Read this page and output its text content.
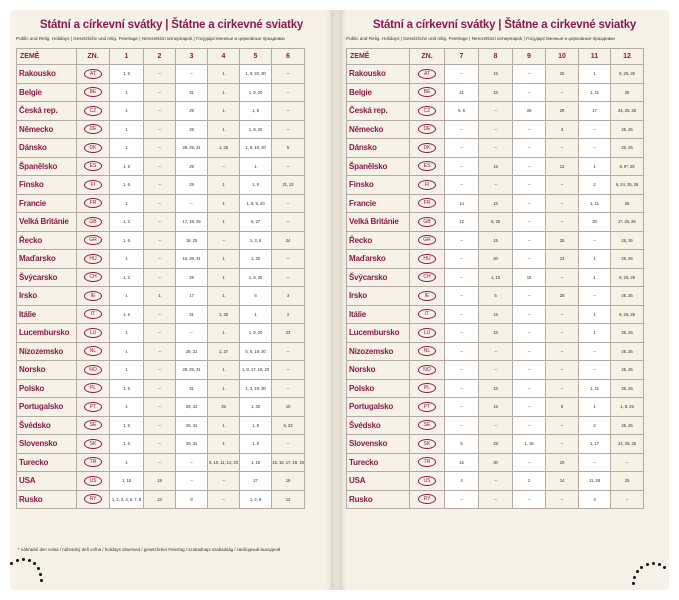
Státní a církevní svátky | Štátne a cirkevné sviatky
Public and Relig. Holidays | Gesetzliche und relig. Feiertage | Nemzetközi ünnepnapok | Государственные и церковные праздники
ZEMĚ	ZN.	1	2	3	4	5	6
Rakousko	AT	1, 6	–	–	1	1, 9, 20, 30	–
Belgie	BE	1	–	31	1	1, 9, 20	–
Česká rep.	CZ	1	–	29	1	1, 8	–
Německo	DE	1	–	29	1	1, 9, 20	–
Dánsko	DK	1	–	28, 29, 31	1, 26	1, 9, 19, 20	5
Španělsko	ES	1, 6	–	29	–	1	–
Finsko	FI	1, 6	–	29	1	1, 9	21, 22
Francie	FR	1	–	–	1	1, 8, 9, 20	–
Velká Británie	GB	1, 2	–	17, 18, 29	1	6, 27	–
Řecko	GR	1, 6	–	18, 25	–	1, 3, 6	24
Maďarsko	HU	1	–	15, 29, 31	1	1, 20	–
Švýcarsko	CH	1, 2	–	29	1	1, 9, 20	–
Irsko	IE	1	1	17	1	6	3
Itálie	IT	1, 6	–	31	1, 25	1	2
Lucembursko	LU	1	–	–	1	1, 9, 20	23
Nizozemsko	NL	1	–	29, 31	1, 27	5, 9, 19, 20	–
Norsko	NO	1	–	28, 29, 31	1	1, 9, 17, 19, 20	–
Polsko	PL	1, 6	–	31	1	1, 3, 19, 30	–
Portugalsko	PT	1	–	29, 31	25	1, 30	10
Švédsko	SE	1, 6	–	29, 31	1	1, 9	6, 22
Slovensko	SK	1, 6	–	29, 31	1	1, 8	–
Turecko	TR	1	–	–	9, 10, 11, 12, 23	1, 19	15, 16, 17, 18, 19
USA	US	1, 15	19	–	–	27	19
Rusko	RY	1, 2, 3, 4, 5, 7, 8	23	8	–	1, 2, 9	12
* náhradní den volna / náhradný deň voľna / holidays observed / gesetzlicher Feiertag / szabadnapi szabadság / свободный выходной
Státní a církevní svátky | Štátne a cirkevné sviatky
Public and Relig. Holidays | Gesetzliche und relig. Feiertage | Nemzetközi ünnepnapok | Государственные и церковные праздники
ZEMĚ	ZN.	7	8	9	10	11	12
Rakousko	AT	–	15	–	26	1	8, 25, 26
Belgie	BE	21	15	–	–	1, 11	25
Česká rep.	CZ	5, 6	–	28	28	17	24, 25, 26
Německo	DE	–	–	–	3	–	25, 26
Dánsko	DK	–	–	–	–	–	25, 26
Španělsko	ES	–	15	–	12	1	8, 9*, 25
Finsko	FI	–	–	–	–	2	6, 24, 25, 26
Francie	FR	14	15	–	–	1, 11	25
Velká Británie	GB	12	5, 26	–	–	30	2*, 25, 26
Řecko	GR	–	15	–	28	–	25, 26
Maďarsko	HU	–	20	–	23	1	25, 26
Švýcarsko	CH	–	1, 15	15	–	1	8, 25, 26
Irsko	IE	–	5	–	28	–	25, 26
Itálie	IT	–	15	–	–	1	8, 25, 26
Lucembursko	LU	–	15	–	–	1	25, 26
Nizozemsko	NL	–	–	–	–	–	25, 26
Norsko	NO	–	–	–	–	–	25, 26
Polsko	PL	–	15	–	–	1, 11	25, 26
Portugalsko	PT	–	15	–	5	1	1, 8, 25
Švédsko	SE	–	–	–	–	2	25, 26
Slovensko	SK	5	29	1, 15	–	1, 17	24, 25, 26
Turecko	TR	15	30	–	29	–	–
USA	US	4	–	2	14	11, 28	25
Rusko	RY	–	–	–	–	4	–
